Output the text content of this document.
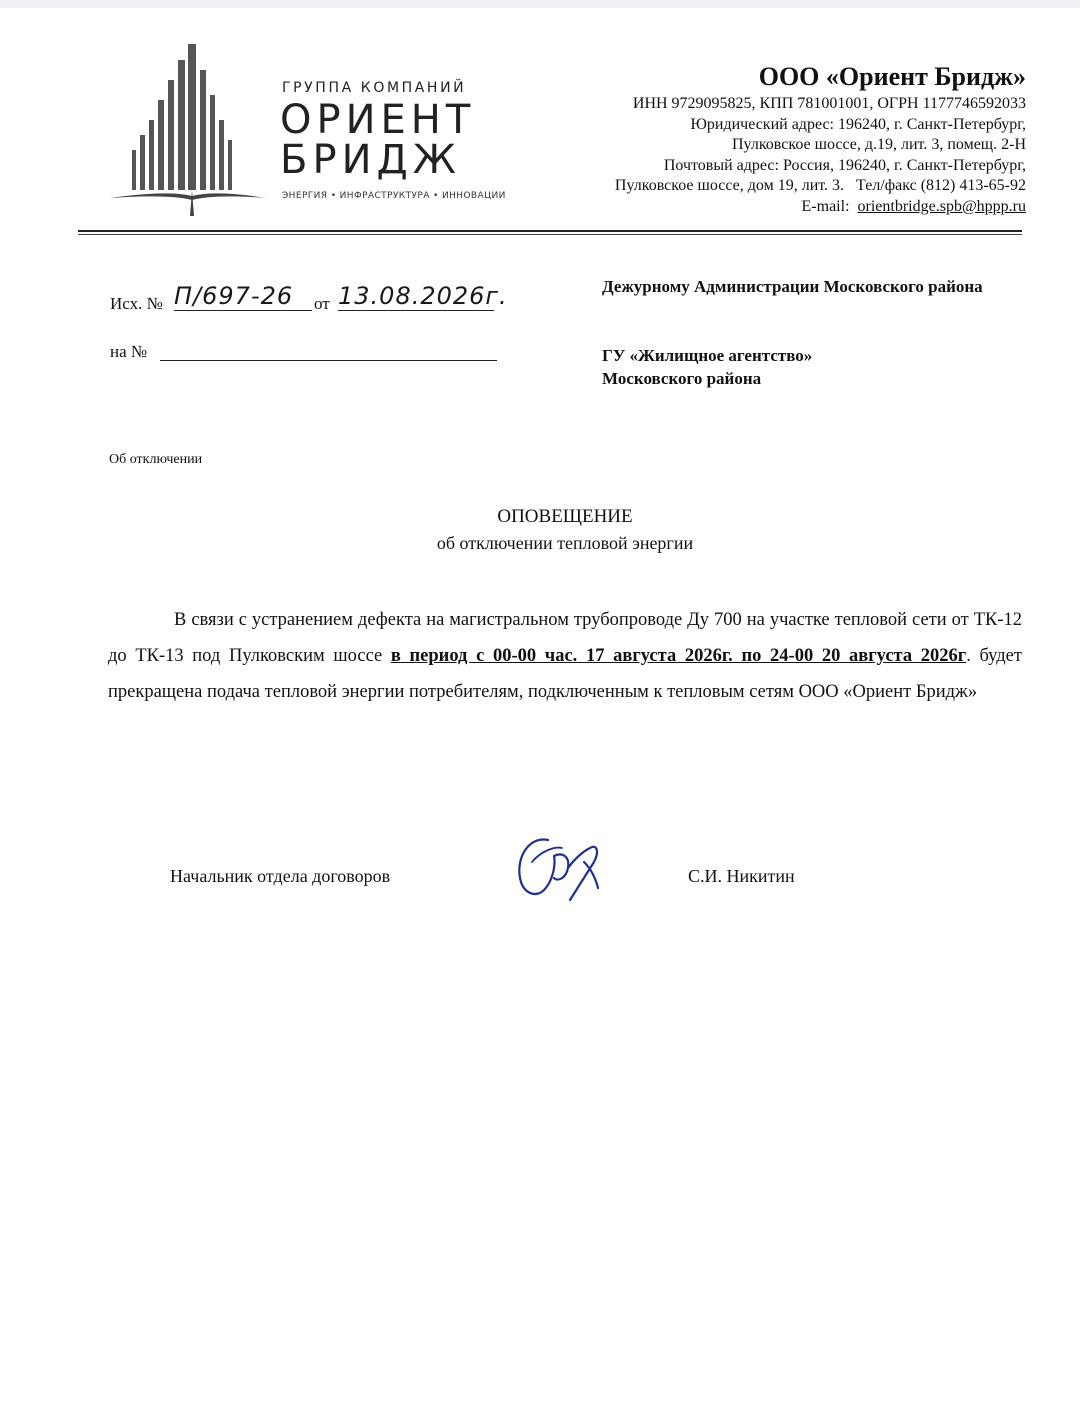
ГРУППА КОМПАНИЙ
ОРИЕНТ
БРИДЖ
ЭНЕРГИЯ • ИНФРАСТРУКТУРА • ИННОВАЦИИ
ООО «Ориент Бридж»
ИНН 9729095825, КПП 781001001, ОГРН 1177746592033
Юридический адрес: 196240, г. Санкт-Петербург,
Пулковское шоссе, д.19, лит. 3, помещ. 2-Н
Почтовый адрес: Россия, 196240, г. Санкт-Петербург,
Пулковское шоссе, дом 19, лит. 3. Тел/факс (812) 413-65-92
E-mail: orientbridge.spb@hppp.ru
Исх. № П/697-26	от 13.08.2026г.
на №
Дежурному Администрации Московского района
ГУ «Жилищное агентство»
Московского района
Об отключении
ОПОВЕЩЕНИЕ
об отключении тепловой энергии

В связи с устранением дефекта на магистральном трубопроводе Ду 700 на участке тепловой сети от ТК-12 до ТК-13 под Пулковским шоссе в период с 00-00 час. 17 августа 2026г. по 24-00 20 августа 2026г. будет прекращена подача тепловой энергии потребителям, подключенным к тепловым сетям ООО «Ориент Бридж»

Начальник отдела договоров	С.И. Никитин
